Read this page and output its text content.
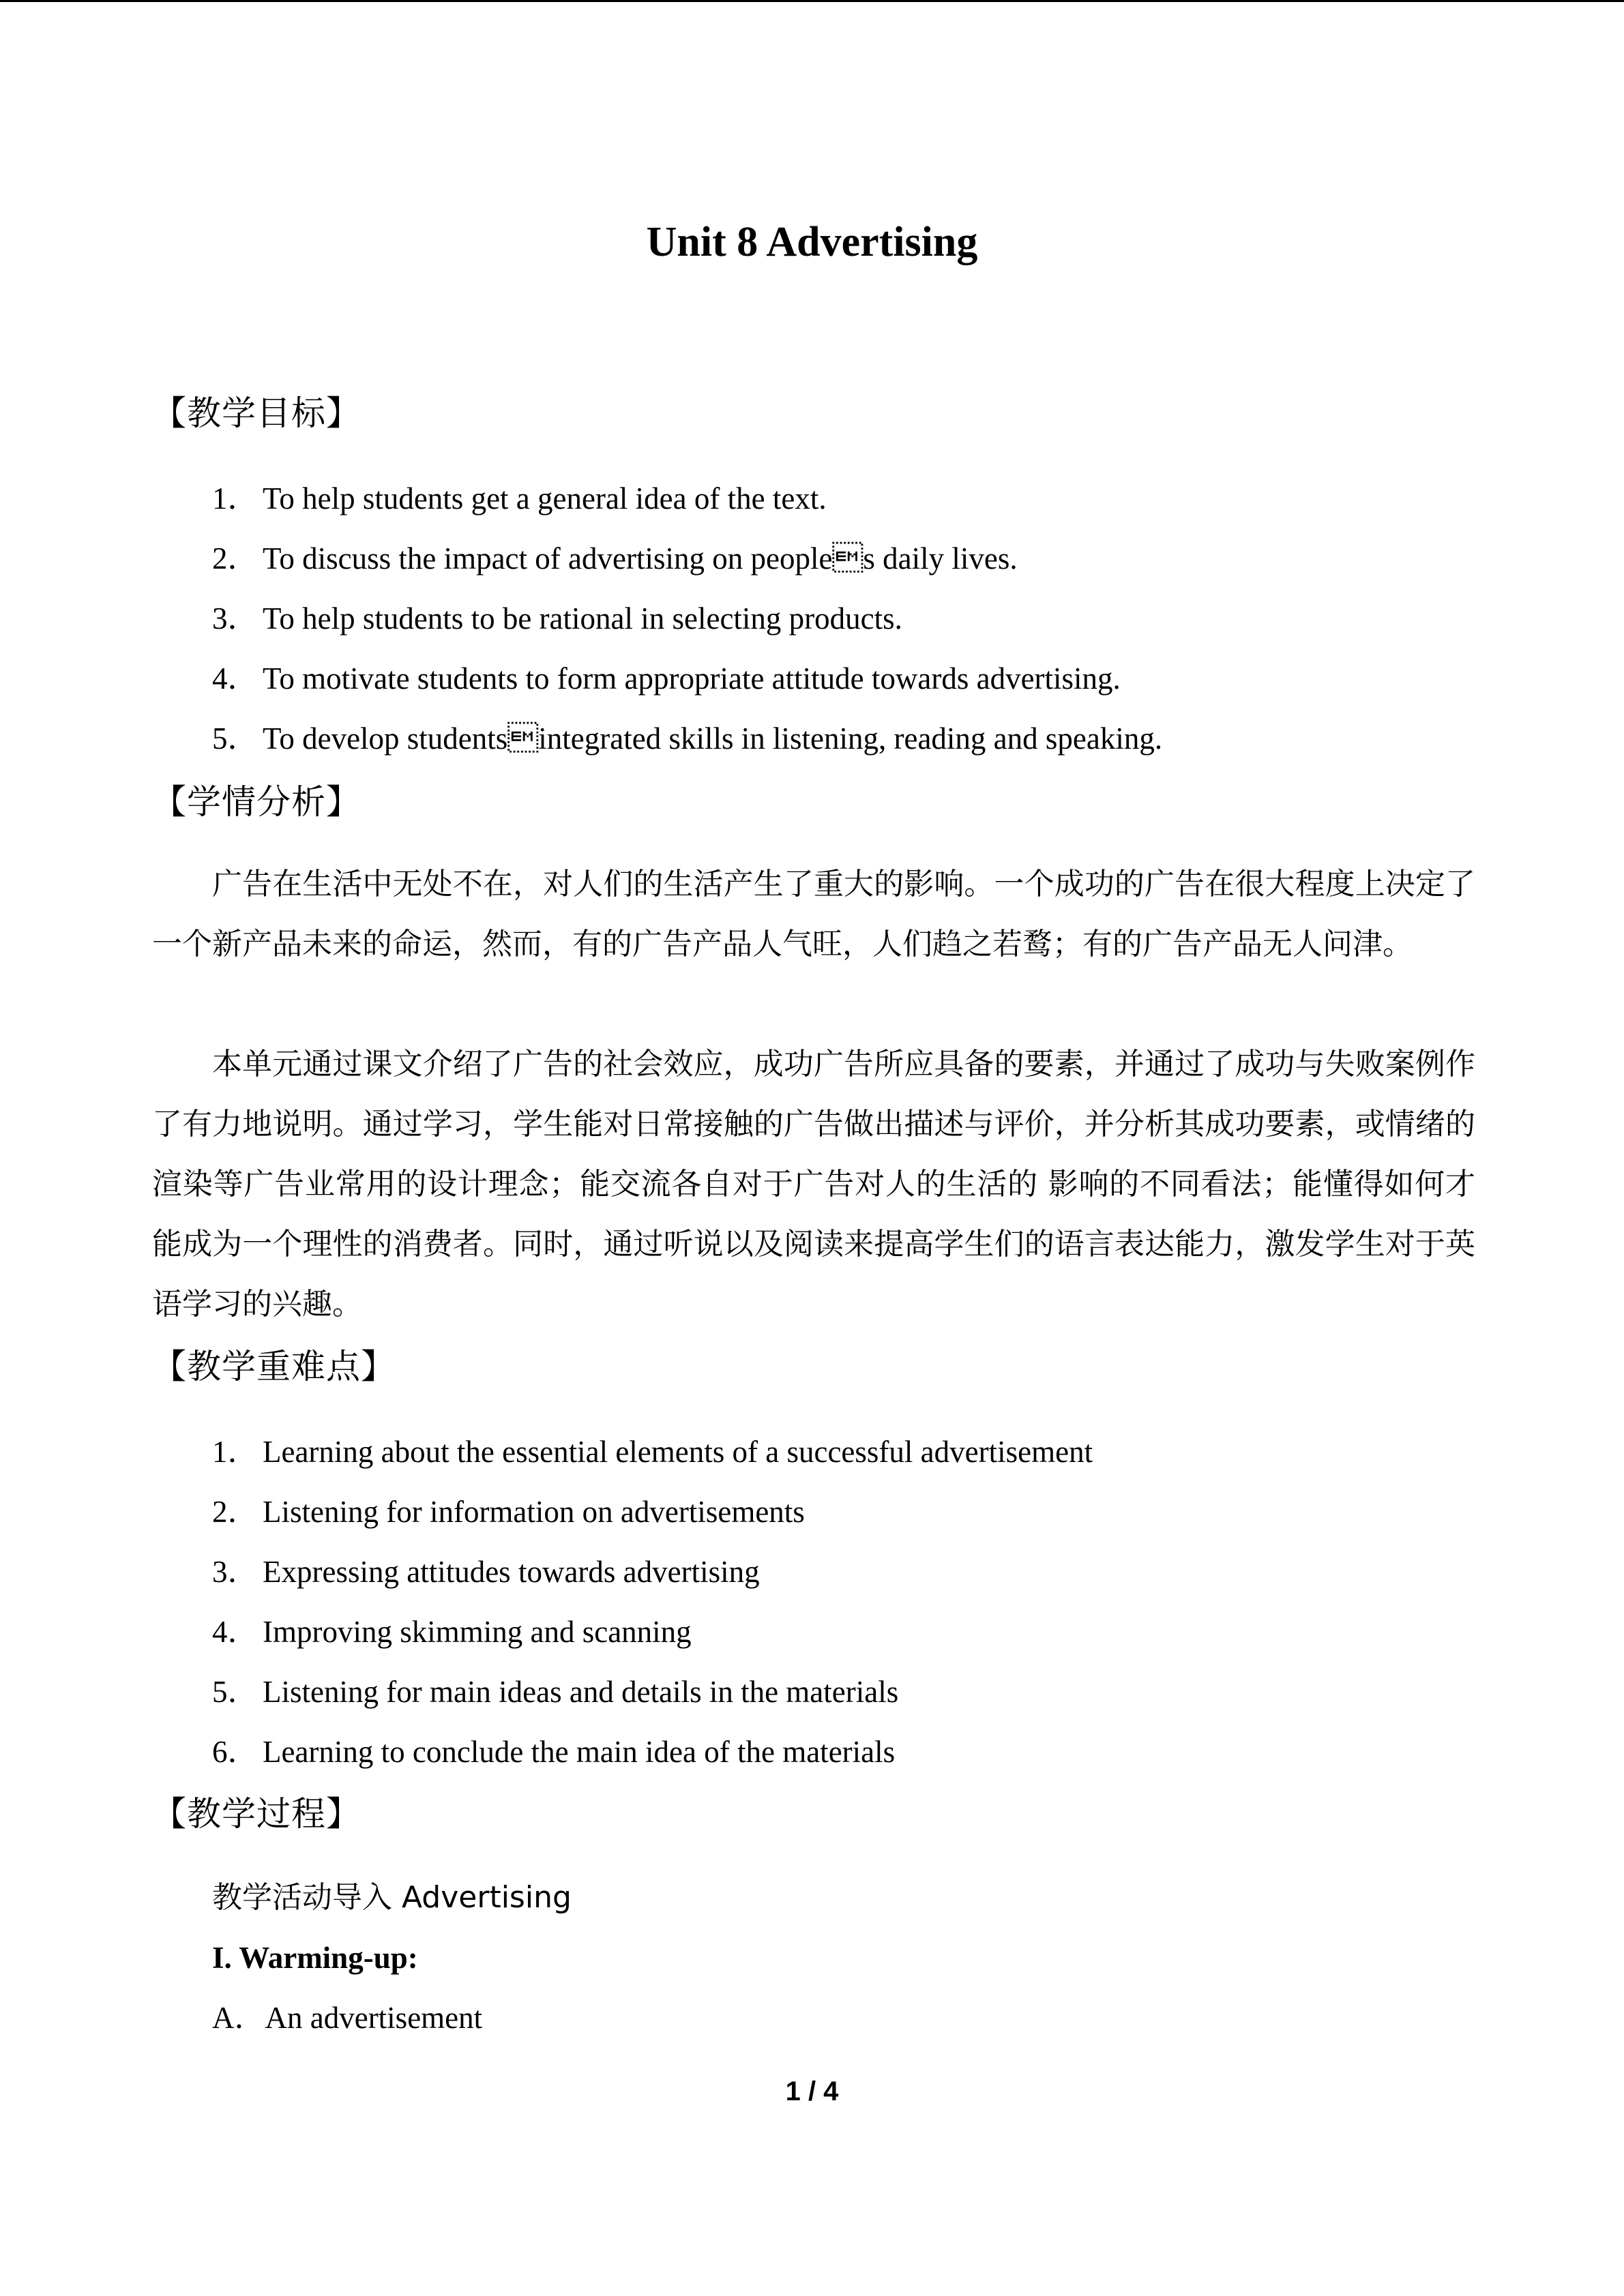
Unit 8 Advertising
【教学目标】
1． To help students get a general idea of the text.
2． To discuss the impact of advertising on peoples daily lives.
3． To help students to be rational in selecting products.
4． To motivate students to form appropriate attitude towards advertising.
5． To develop studentsintegrated skills in listening, reading and speaking.
【学情分析】
广告在生活中无处不在，对人们的生活产生了重大的影响。一个成功的广告在很大程度上决定了一个新产品未来的命运，然而，有的广告产品人气旺，人们趋之若鹜；有的广告产品无人问津。
本单元通过课文介绍了广告的社会效应，成功广告所应具备的要素，并通过了成功与失败案例作了有力地说明。通过学习，学生能对日常接触的广告做出描述与评价，并分析其成功要素，或情绪的渲染等广告业常用的设计理念；能交流各自对于广告对人的生活的 影响的不同看法；能懂得如何才能成为一个理性的消费者。同时，通过听说以及阅读来提高学生们的语言表达能力，激发学生对于英语学习的兴趣。
【教学重难点】
1． Learning about the essential elements of a successful advertisement
2． Listening for information on advertisements
3． Expressing attitudes towards advertising
4． Improving skimming and scanning
5． Listening for main ideas and details in the materials
6． Learning to conclude the main idea of the materials
【教学过程】
教学活动导入 Advertising
I. Warming-up:
A．An advertisement
1 / 4
